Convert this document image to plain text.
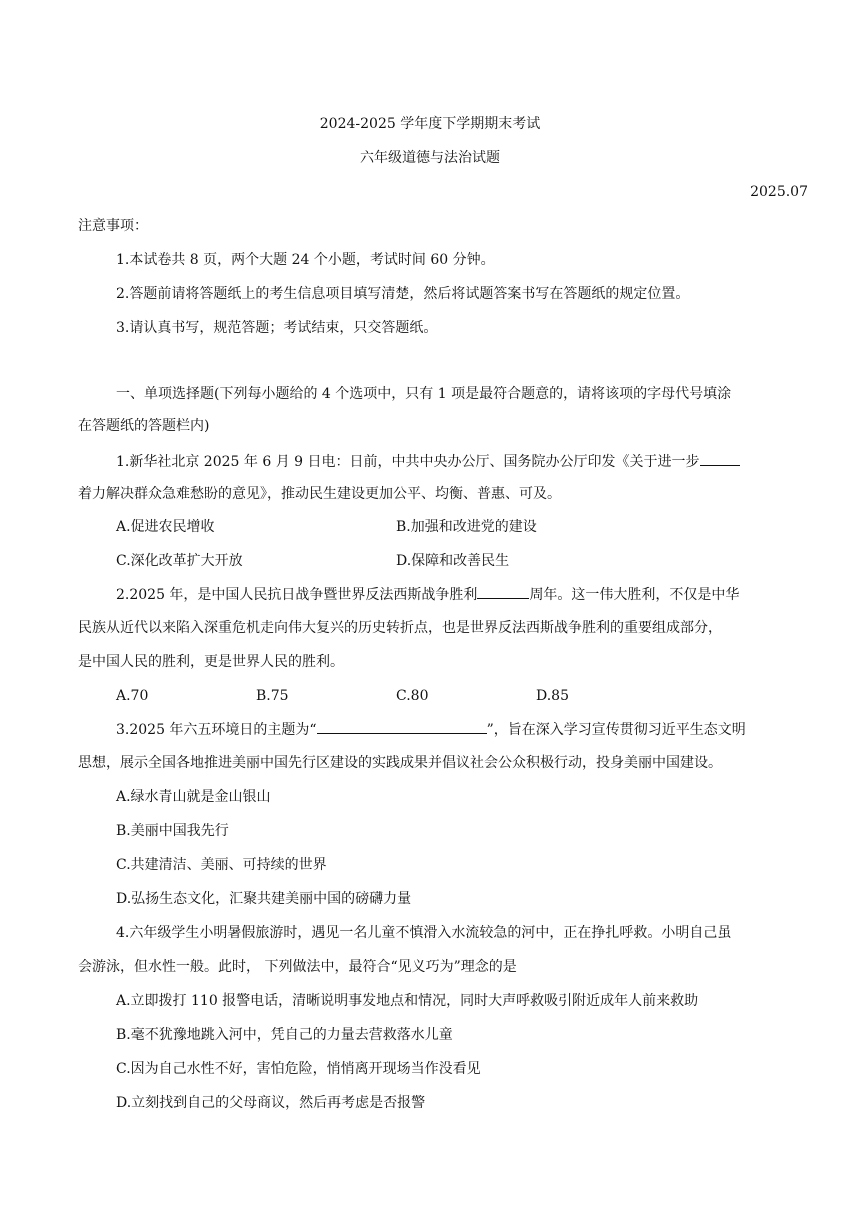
2024-2025 学年度下学期期末考试
六年级道德与法治试题
2025.07
注意事项：
1.本试卷共 8 页，两个大题 24 个小题，考试时间 60 分钟。
2.答题前请将答题纸上的考生信息项目填写清楚，然后将试题答案书写在答题纸的规定位置。
3.请认真书写，规范答题；考试结束，只交答题纸。
一、单项选择题(下列每小题给的 4 个选项中，只有 1 项是最符合题意的，请将该项的字母代号填涂
在答题纸的答题栏内)
1.新华社北京 2025 年 6 月 9 日电：日前，中共中央办公厅、国务院办公厅印发《关于进一步
着力解决群众急难愁盼的意见》，推动民生建设更加公平、均衡、普惠、可及。
A.促进农民增收	B.加强和改进党的建设
C.深化改革扩大开放	D.保障和改善民生
2.2025 年，是中国人民抗日战争暨世界反法西斯战争胜利	周年。这一伟大胜利，不仅是中华
民族从近代以来陷入深重危机走向伟大复兴的历史转折点，也是世界反法西斯战争胜利的重要组成部分，
是中国人民的胜利，更是世界人民的胜利。
A.70	B.75	C.80	D.85
3.2025 年六五环境日的主题为“	”，旨在深入学习宣传贯彻习近平生态文明
思想，展示全国各地推进美丽中国先行区建设的实践成果并倡议社会公众积极行动，投身美丽中国建设。
A.绿水青山就是金山银山
B.美丽中国我先行
C.共建清洁、美丽、可持续的世界
D.弘扬生态文化，汇聚共建美丽中国的磅礴力量
4.六年级学生小明暑假旅游时，遇见一名儿童不慎滑入水流较急的河中，正在挣扎呼救。小明自己虽
会游泳，但水性一般。此时， 下列做法中，最符合“见义巧为”理念的是
A.立即拨打 110 报警电话，清晰说明事发地点和情况，同时大声呼救吸引附近成年人前来救助
B.毫不犹豫地跳入河中，凭自己的力量去营救落水儿童
C.因为自己水性不好，害怕危险，悄悄离开现场当作没看见
D.立刻找到自己的父母商议，然后再考虑是否报警
